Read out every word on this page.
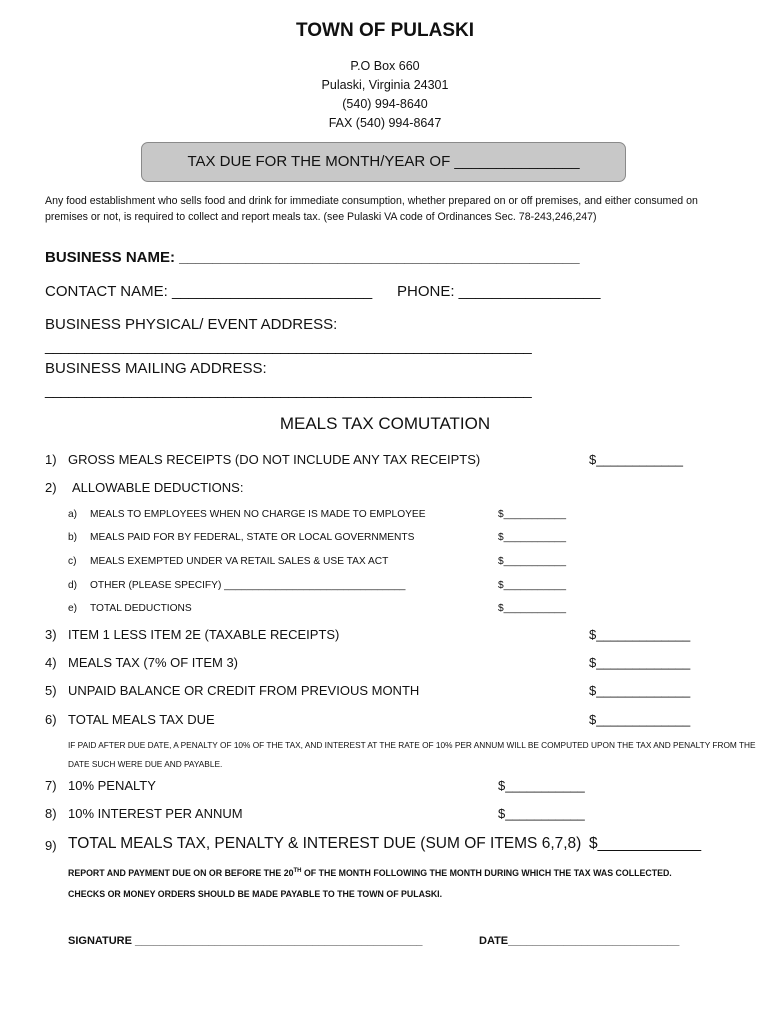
TOWN OF PULASKI
P.O Box 660
Pulaski, Virginia 24301
(540) 994-8640
FAX (540) 994-8647
TAX DUE FOR THE MONTH/YEAR OF _______________
Any food establishment who sells food and drink for immediate consumption, whether prepared on or off premises, and either consumed on premises or not, is required to collect and report meals tax. (see Pulaski VA code of Ordinances Sec. 78-243,246,247)
BUSINESS NAME: ________________________________________________
CONTACT NAME: ________________________ PHONE: _________________
BUSINESS PHYSICAL/ EVENT ADDRESS:
______________________________________________________________
BUSINESS MAILING ADDRESS:
______________________________________________________________
MEALS TAX COMUTATION
1) GROSS MEALS RECEIPTS (DO NOT INCLUDE ANY TAX RECEIPTS)	$____________
2) ALLOWABLE DEDUCTIONS:
a) MEALS TO EMPLOYEES WHEN NO CHARGE IS MADE TO EMPLOYEE	$___________
b) MEALS PAID FOR BY FEDERAL, STATE OR LOCAL GOVERNMENTS	$___________
c) MEALS EXEMPTED UNDER VA RETAIL SALES & USE TAX ACT	$___________
d) OTHER (PLEASE SPECIFY) ________________________________	$___________
e) TOTAL DEDUCTIONS	$___________
3) ITEM 1 LESS ITEM 2E (TAXABLE RECEIPTS)	$_____________
4) MEALS TAX (7% OF ITEM 3)	$_____________
5) UNPAID BALANCE OR CREDIT FROM PREVIOUS MONTH	$_____________
6) TOTAL MEALS TAX DUE	$_____________
IF PAID AFTER DUE DATE, A PENALTY OF 10% OF THE TAX, AND INTEREST AT THE RATE OF 10% PER ANNUM WILL BE COMPUTED UPON THE TAX AND PENALTY FROM THE DATE SUCH WERE DUE AND PAYABLE.
7) 10% PENALTY	$___________
8) 10% INTEREST PER ANNUM	$___________
9) TOTAL MEALS TAX, PENALTY & INTEREST DUE (SUM OF ITEMS 6,7,8) $____________
REPORT AND PAYMENT DUE ON OR BEFORE THE 20TH OF THE MONTH FOLLOWING THE MONTH DURING WHICH THE TAX WAS COLLECTED.
CHECKS OR MONEY ORDERS SHOULD BE MADE PAYABLE TO THE TOWN OF PULASKI.
SIGNATURE _______________________________________________	DATE____________________________
